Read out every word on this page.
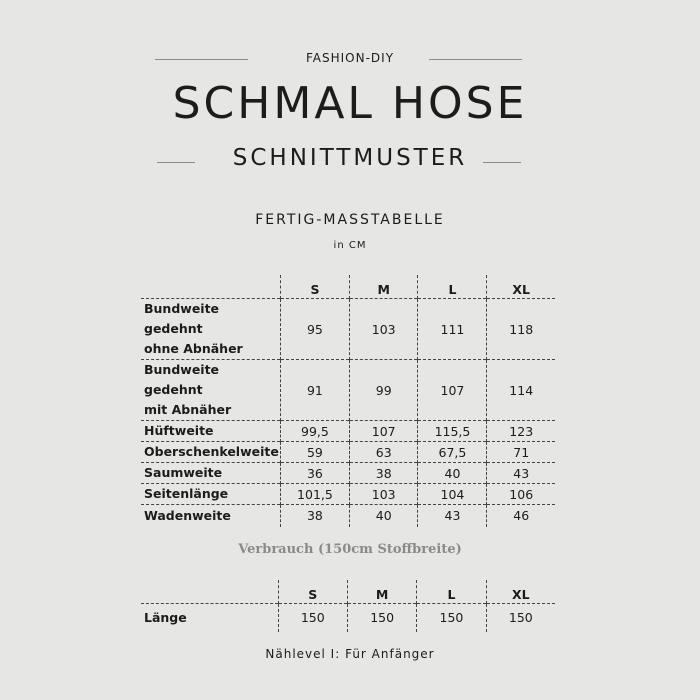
FASHION-DIY
SCHMAL HOSE
SCHNITTMUSTER
FERTIG-MASSTABELLE
in CM
	S	M	L	XL

Bundweite gedehnt
ohne Abnäher	95	103	111	118

Bundweite gedehnt
mit Abnäher	91	99	107	114

Hüftweite	99,5	107	115,5	123

Oberschenkelweite	59	63	67,5	71

Saumweite	36	38	40	43

Seitenlänge	101,5	103	104	106

Wadenweite	38	40	43	46
Verbrauch (150cm Stoffbreite)
	S	M	L	XL

Länge	150	150	150	150
Nählevel I: Für Anfänger
